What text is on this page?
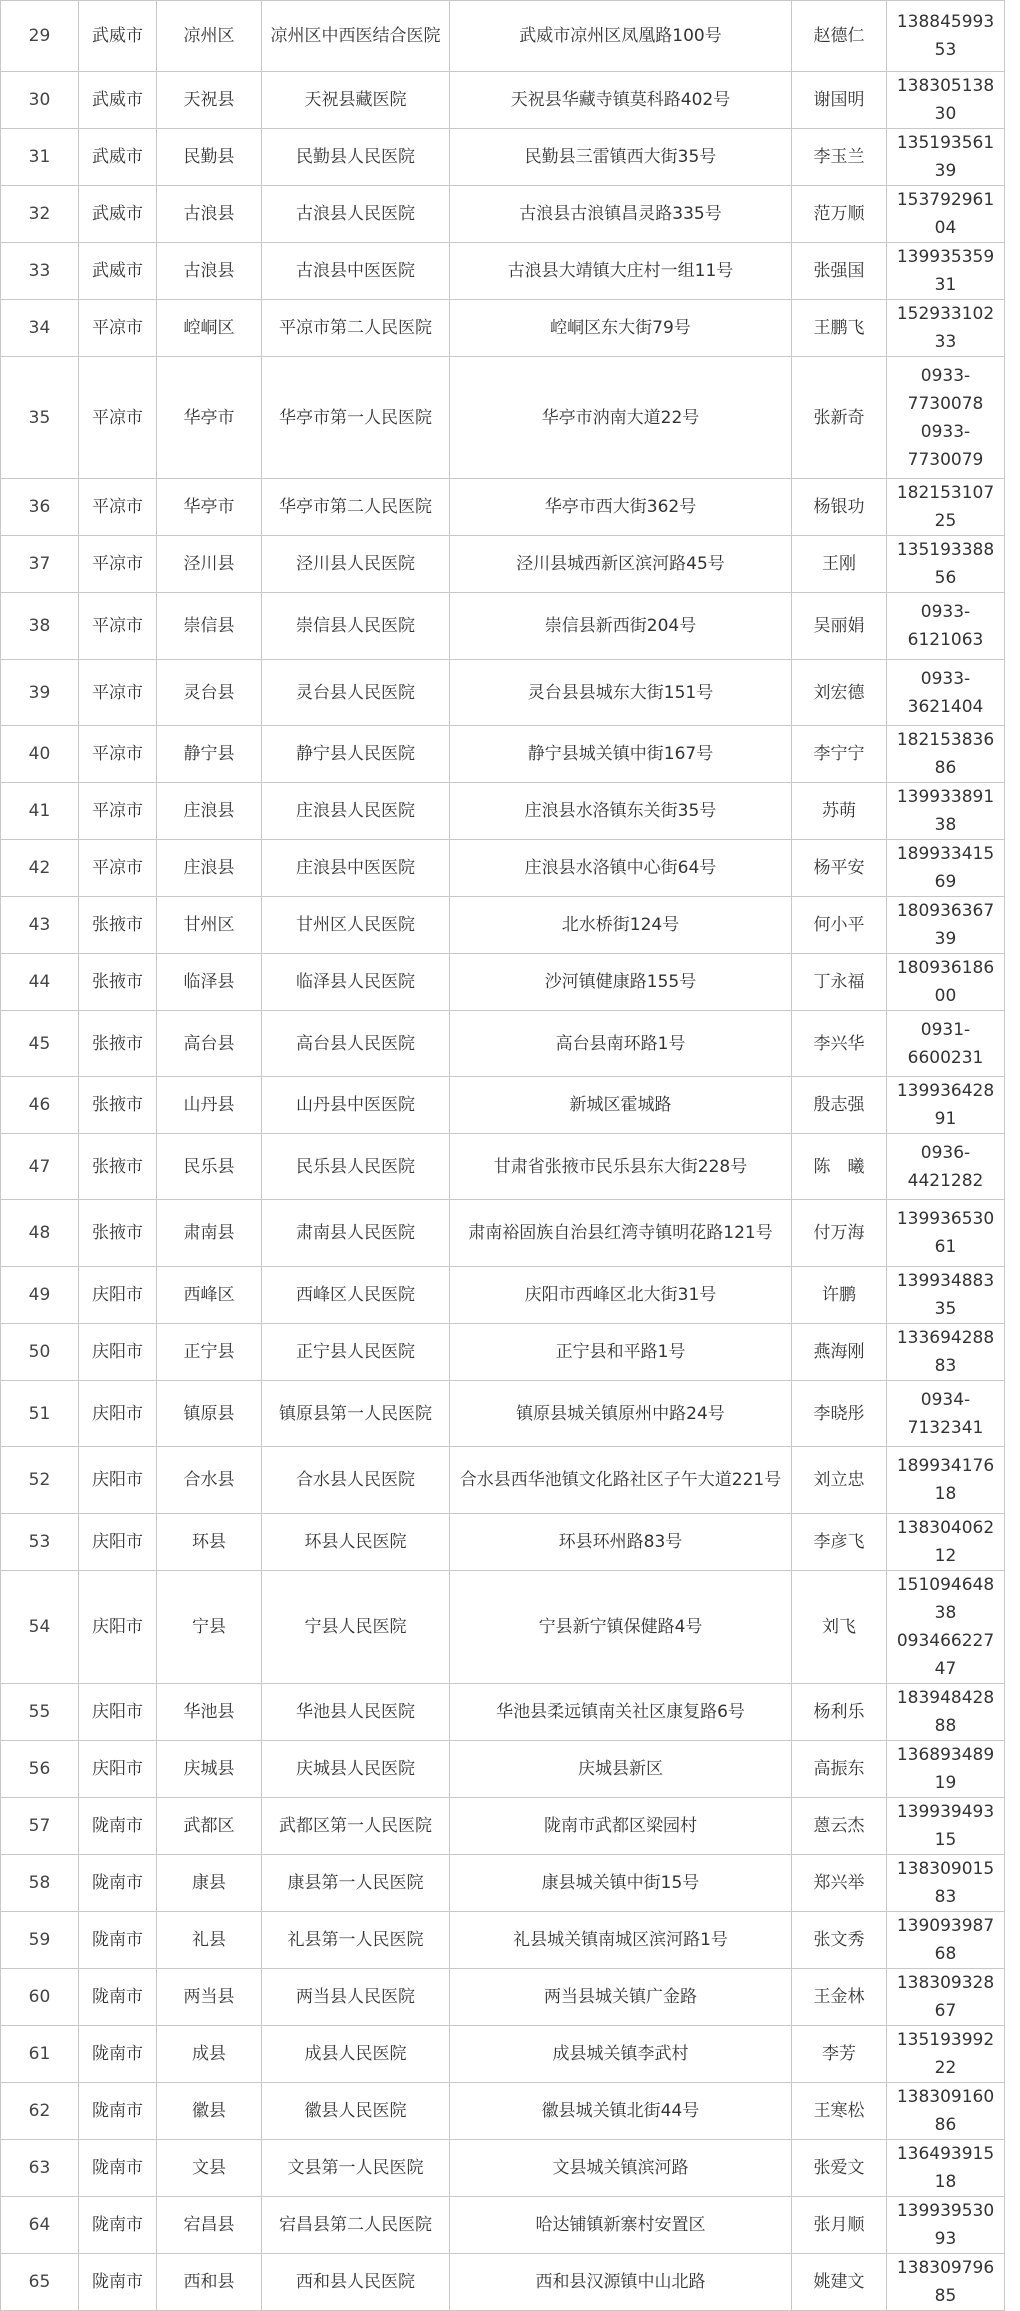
29	武威市	凉州区	凉州区中西医结合医院	武威市凉州区凤凰路100号	赵德仁	13884599353
30	武威市	天祝县	天祝县藏医院	天祝县华藏寺镇莫科路402号	谢国明	13830513830
31	武威市	民勤县	民勤县人民医院	民勤县三雷镇西大街35号	李玉兰	13519356139
32	武威市	古浪县	古浪县人民医院	古浪县古浪镇昌灵路335号	范万顺	15379296104
33	武威市	古浪县	古浪县中医医院	古浪县大靖镇大庄村一组11号	张强国	13993535931
34	平凉市	崆峒区	平凉市第二人民医院	崆峒区东大街79号	王鹏飞	15293310233
35	平凉市	华亭市	华亭市第一人民医院	华亭市汭南大道22号	张新奇	0933-
7730078
0933-
7730079
36	平凉市	华亭市	华亭市第二人民医院	华亭市西大街362号	杨银功	18215310725
37	平凉市	泾川县	泾川县人民医院	泾川县城西新区滨河路45号	王刚	13519338856
38	平凉市	崇信县	崇信县人民医院	崇信县新西街204号	吴丽娟	0933-
6121063
39	平凉市	灵台县	灵台县人民医院	灵台县县城东大街151号	刘宏德	0933-
3621404
40	平凉市	静宁县	静宁县人民医院	静宁县城关镇中街167号	李宁宁	18215383686
41	平凉市	庄浪县	庄浪县人民医院	庄浪县水洛镇东关街35号	苏萌	13993389138
42	平凉市	庄浪县	庄浪县中医医院	庄浪县水洛镇中心街64号	杨平安	18993341569
43	张掖市	甘州区	甘州区人民医院	北水桥街124号	何小平	18093636739
44	张掖市	临泽县	临泽县人民医院	沙河镇健康路155号	丁永福	18093618600
45	张掖市	高台县	高台县人民医院	高台县南环路1号	李兴华	0931-
6600231
46	张掖市	山丹县	山丹县中医医院	新城区霍城路	殷志强	13993642891
47	张掖市	民乐县	民乐县人民医院	甘肃省张掖市民乐县东大街228号	陈　曦	0936-
4421282
48	张掖市	肃南县	肃南县人民医院	肃南裕固族自治县红湾寺镇明花路121号	付万海	13993653061
49	庆阳市	西峰区	西峰区人民医院	庆阳市西峰区北大街31号	许鹏	13993488335
50	庆阳市	正宁县	正宁县人民医院	正宁县和平路1号	燕海刚	13369428883
51	庆阳市	镇原县	镇原县第一人民医院	镇原县城关镇原州中路24号	李晓彤	0934-
7132341
52	庆阳市	合水县	合水县人民医院	合水县西华池镇文化路社区子午大道221号	刘立忠	18993417618
53	庆阳市	环县	环县人民医院	环县环州路83号	李彦飞	13830406212
54	庆阳市	宁县	宁县人民医院	宁县新宁镇保健路4号	刘飞	15109464838
09346622747
55	庆阳市	华池县	华池县人民医院	华池县柔远镇南关社区康复路6号	杨利乐	18394842888
56	庆阳市	庆城县	庆城县人民医院	庆城县新区	高振东	13689348919
57	陇南市	武都区	武都区第一人民医院	陇南市武都区梁园村	蒽云杰	13993949315
58	陇南市	康县	康县第一人民医院	康县城关镇中街15号	郑兴举	13830901583
59	陇南市	礼县	礼县第一人民医院	礼县城关镇南城区滨河路1号	张文秀	13909398768
60	陇南市	两当县	两当县人民医院	两当县城关镇广金路	王金林	13830932867
61	陇南市	成县	成县人民医院	成县城关镇李武村	李芳	13519399222
62	陇南市	徽县	徽县人民医院	徽县城关镇北街44号	王寒松	13830916086
63	陇南市	文县	文县第一人民医院	文县城关镇滨河路	张爱文	13649391518
64	陇南市	宕昌县	宕昌县第二人民医院	哈达铺镇新寨村安置区	张月顺	13993953093
65	陇南市	西和县	西和县人民医院	西和县汉源镇中山北路	姚建文	13830979685
